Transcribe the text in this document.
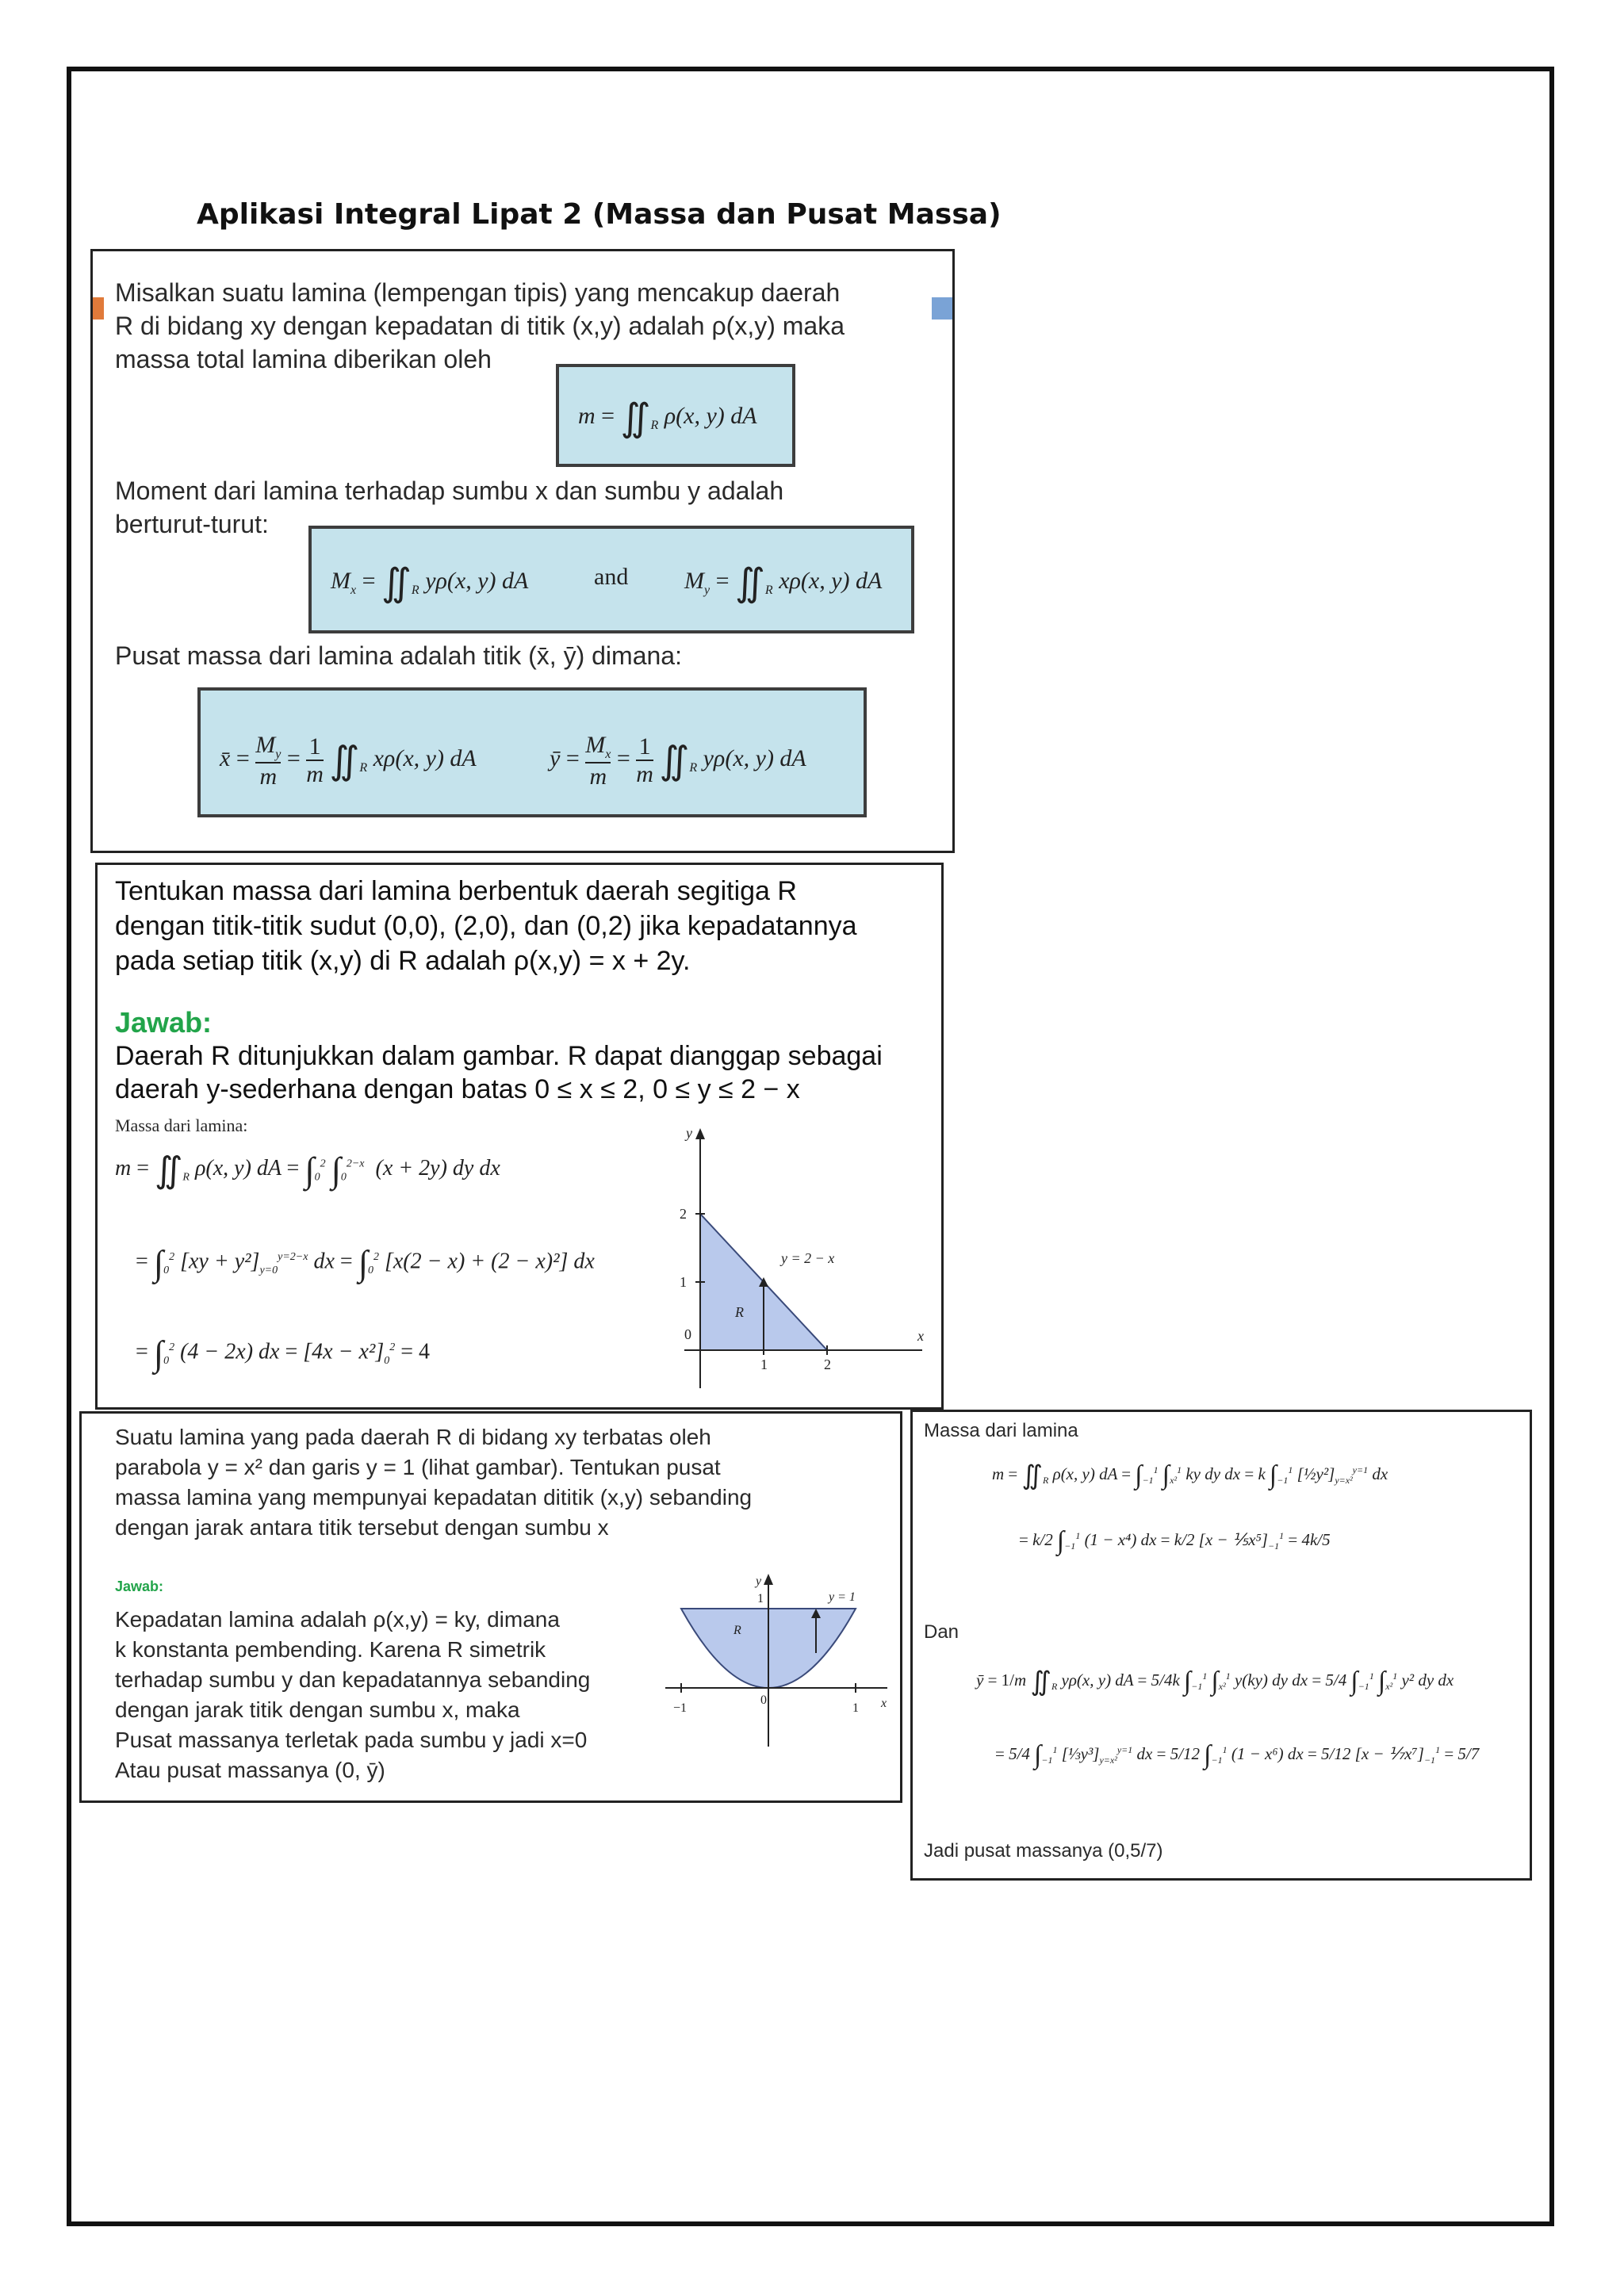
Aplikasi Integral Lipat 2 (Massa dan Pusat Massa)
Misalkan suatu lamina (lempengan tipis) yang mencakup daerah
R di bidang xy dengan kepadatan di titik (x,y) adalah ρ(x,y) maka
massa total lamina diberikan oleh
$m = ∬_R$ ρ(x, y) dA
Moment dari lamina terhadap sumbu x dan sumbu y adalah
berturut-turut:
$M_x$ = $∬_R$ yρ(x, y) dA	and $M_y$ = $∬_R$ xρ(x, y) dA
Pusat massa dari lamina adalah titik (x̄, ȳ) dimana:
x̄ = $\frac{M_y}{m} = \frac{1}{m}$ $∬_R$ xρ(x, y) dA	ȳ = $\frac{M_x}{m} = \frac{1}{m}$ $∬_R$ yρ(x, y) dA
Tentukan massa dari lamina berbentuk daerah segitiga R
dengan titik-titik sudut (0,0), (2,0), dan (0,2) jika kepadatannya
pada setiap titik (x,y) di R adalah ρ(x,y) = x + 2y.
Jawab:
Daerah R ditunjukkan dalam gambar. R dapat dianggap sebagai
daerah y-sederhana dengan batas 0 ≤ x ≤ 2, 0 ≤ y ≤ 2 − x
Massa dari lamina:
$m = ∬_R$ ρ(x, y) dA = $\int_0^2$ $\int_0^{2-x}$  (x + 2y) dy dx
= $\int_0^2$ $[xy + y^2]_{y=0}^{y=2-x}$ dx = $\int_0^2$ [x(2 − x) + (2 − x)²] dx
= $\int_0^2$ (4 − 2x) dx = $[4x - x^2]_0^2 = 4$
y
x
2
1
0
1	2
y = 2 − x
R
Suatu lamina yang pada daerah R di bidang xy terbatas oleh
parabola y = x² dan garis y = 1 (lihat gambar). Tentukan pusat
massa lamina yang mempunyai kepadatan dititik (x,y) sebanding
dengan jarak antara titik tersebut dengan sumbu x
Jawab:
Kepadatan lamina adalah ρ(x,y) = ky, dimana
k konstanta pembending. Karena R simetrik
terhadap sumbu y dan kepadatannya sebanding
dengan jarak titik dengan sumbu x, maka
Pusat massanya terletak pada sumbu y jadi x=0
Atau pusat massanya (0, ȳ)
y
x
1
−1
0
1
y = 1
R
Massa dari lamina
$m = ∬_R$ ρ(x, y) dA = $\int_{-1}^1$ $\int_{x^2}^1$ ky dy dx = k $\int_{-1}^1$ $[\frac{1}{2}y^2]_{y=x^2}^{y=1}$ dx
= k/2 $\int_{-1}^1$ (1 − x⁴) dx = k/2 $[x - \frac{1}{5}x^5]_{-1}^1 = 4k/5$
Dan
ȳ = 1/m $∬_R$ yρ(x, y) dA = 5/4k $\int_{-1}^1$ $\int_{x^2}^1$ y(ky) dy dx = 5/4 $\int_{-1}^1$ $\int_{x^2}^1$ y² dy dx
= 5/4 $\int_{-1}^1$ $[\frac{1}{3}y^3]_{y=x^2}^{y=1}$ dx = 5/12 $\int_{-1}^1$ (1 − x⁶) dx = 5/12 $[x - ⅐x^7]_{-1}^1 = 5/7$
Jadi pusat massanya (0,5/7)
